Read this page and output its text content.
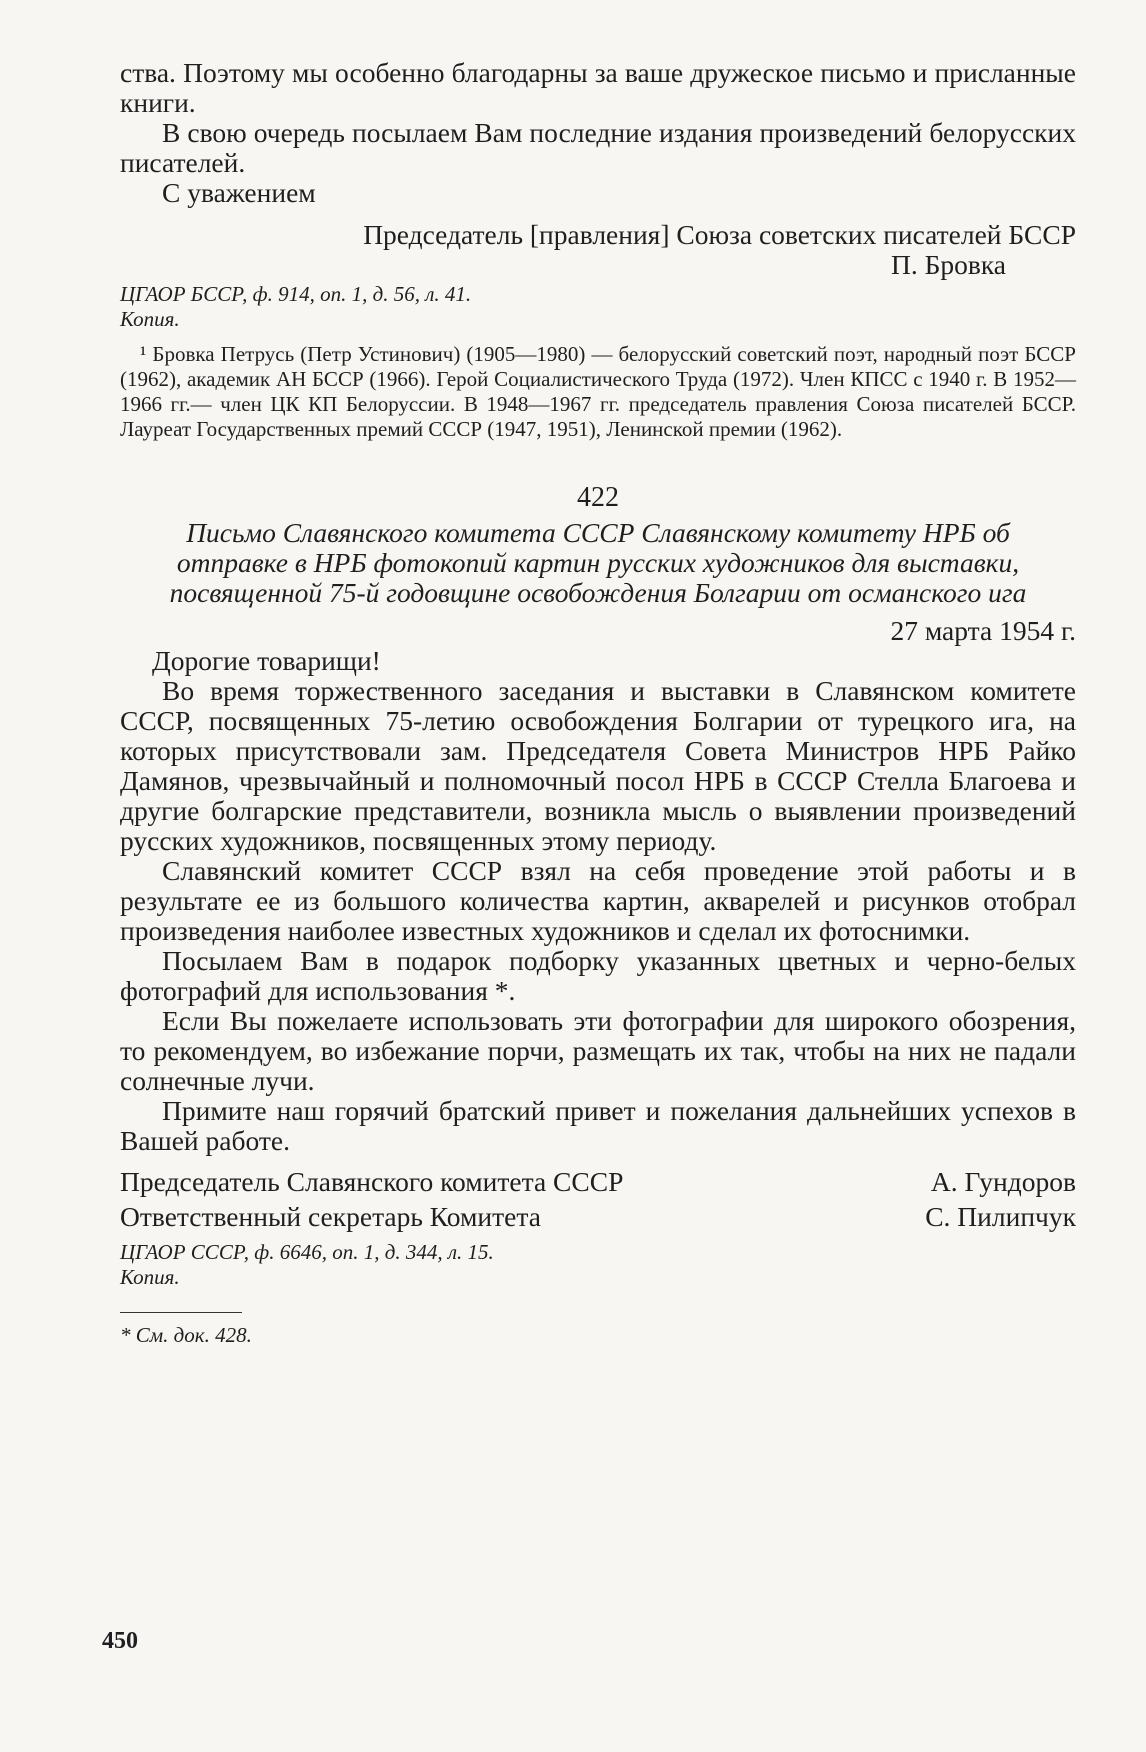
ства. Поэтому мы особенно благодарны за ваше дружеское письмо и присланные книги.

В свою очередь посылаем Вам последние издания произведений белорусских писателей.

С уважением

Председатель [правления] Союза советских писателей БССР

П. Бровка

ЦГАОР БССР, ф. 914, оп. 1, д. 56, л. 41.

Копия.

¹ Бровка Петрусь (Петр Устинович) (1905—1980) — белорусский советский поэт, народный поэт БССР (1962), академик АН БССР (1966). Герой Социалистического Труда (1972). Член КПСС с 1940 г. В 1952—1966 гг.— член ЦК КП Белоруссии. В 1948—1967 гг. председатель правления Союза писателей БССР. Лауреат Государственных премий СССР (1947, 1951), Ленинской премии (1962).

422
Письмо Славянского комитета СССР Славянскому комитету НРБ об отправке в НРБ фотокопий картин русских художников для выставки, посвященной 75-й годовщине освобождения Болгарии от османского ига

27 марта 1954 г.

Дорогие товарищи!

Во время торжественного заседания и выставки в Славянском комитете СССР, посвященных 75-летию освобождения Болгарии от турецкого ига, на которых присутствовали зам. Председателя Совета Министров НРБ Райко Дамянов, чрезвычайный и полномочный посол НРБ в СССР Стелла Благоева и другие болгарские представители, возникла мысль о выявлении произведений русских художников, посвященных этому периоду.

Славянский комитет СССР взял на себя проведение этой работы и в результате ее из большого количества картин, акварелей и рисунков отобрал произведения наиболее известных художников и сделал их фотоснимки.

Посылаем Вам в подарок подборку указанных цветных и черно-белых фотографий для использования *.

Если Вы пожелаете использовать эти фотографии для широкого обозрения, то рекомендуем, во избежание порчи, размещать их так, чтобы на них не падали солнечные лучи.

Примите наш горячий братский привет и пожелания дальнейших успехов в Вашей работе.

Председатель Славянского комитета СССР	А. Гундоров
Ответственный секретарь Комитета	С. Пилипчук

ЦГАОР СССР, ф. 6646, оп. 1, д. 344, л. 15.

Копия.

* См. док. 428.

450
